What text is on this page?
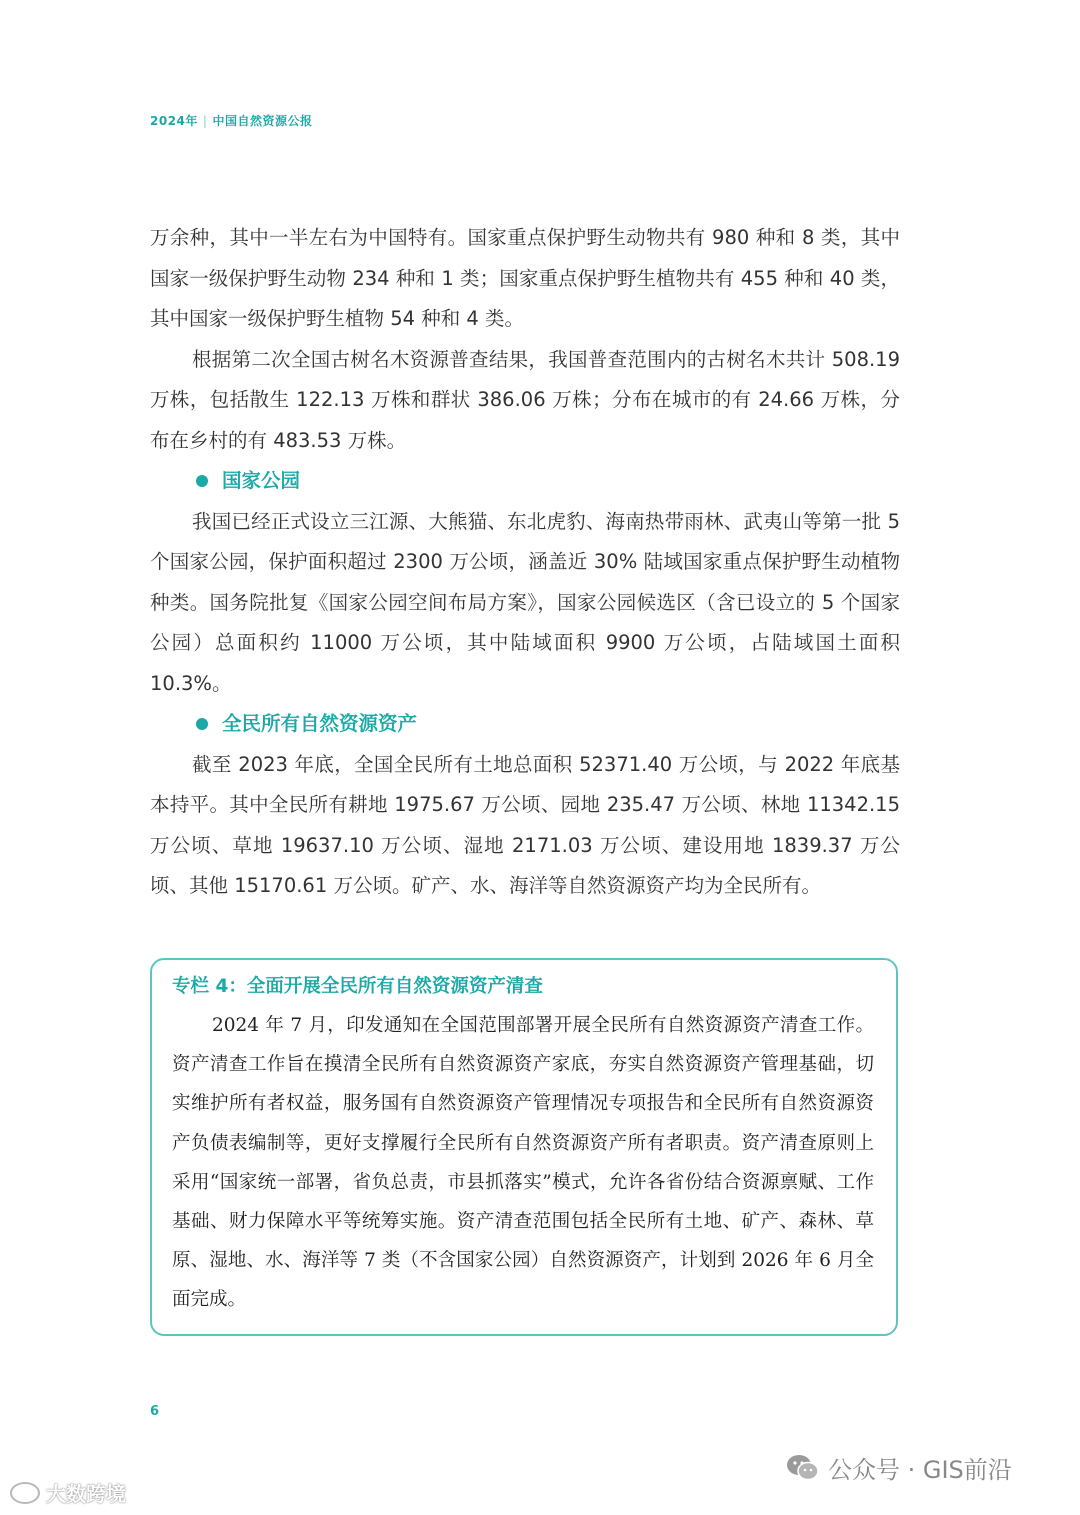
2024年 | 中国自然资源公报

万余种，其中一半左右为中国特有。国家重点保护野生动物共有 980 种和 8 类，其中国家一级保护野生动物 234 种和 1 类；国家重点保护野生植物共有 455 种和 40 类，其中国家一级保护野生植物 54 种和 4 类。

根据第二次全国古树名木资源普查结果，我国普查范围内的古树名木共计 508.19 万株，包括散生 122.13 万株和群状 386.06 万株；分布在城市的有 24.66 万株，分布在乡村的有 483.53 万株。

国家公园

我国已经正式设立三江源、大熊猫、东北虎豹、海南热带雨林、武夷山等第一批 5 个国家公园，保护面积超过 2300 万公顷，涵盖近 30% 陆域国家重点保护野生动植物种类。国务院批复《国家公园空间布局方案》，国家公园候选区（含已设立的 5 个国家公园）总面积约 11000 万公顷，其中陆域面积 9900 万公顷，占陆域国土面积 10.3%。

全民所有自然资源资产

截至 2023 年底，全国全民所有土地总面积 52371.40 万公顷，与 2022 年底基本持平。其中全民所有耕地 1975.67 万公顷、园地 235.47 万公顷、林地 11342.15 万公顷、草地 19637.10 万公顷、湿地 2171.03 万公顷、建设用地 1839.37 万公顷、其他 15170.61 万公顷。矿产、水、海洋等自然资源资产均为全民所有。

专栏 4：全面开展全民所有自然资源资产清查

2024 年 7 月，印发通知在全国范围部署开展全民所有自然资源资产清查工作。资产清查工作旨在摸清全民所有自然资源资产家底，夯实自然资源资产管理基础，切实维护所有者权益，服务国有自然资源资产管理情况专项报告和全民所有自然资源资产负债表编制等，更好支撑履行全民所有自然资源资产所有者职责。资产清查原则上采用“国家统一部署，省负总责，市县抓落实”模式，允许各省份结合资源禀赋、工作基础、财力保障水平等统筹实施。资产清查范围包括全民所有土地、矿产、森林、草原、湿地、水、海洋等 7 类（不含国家公园）自然资源资产，计划到 2026 年 6 月全面完成。

6
大数跨境
公众号 · GIS前沿
